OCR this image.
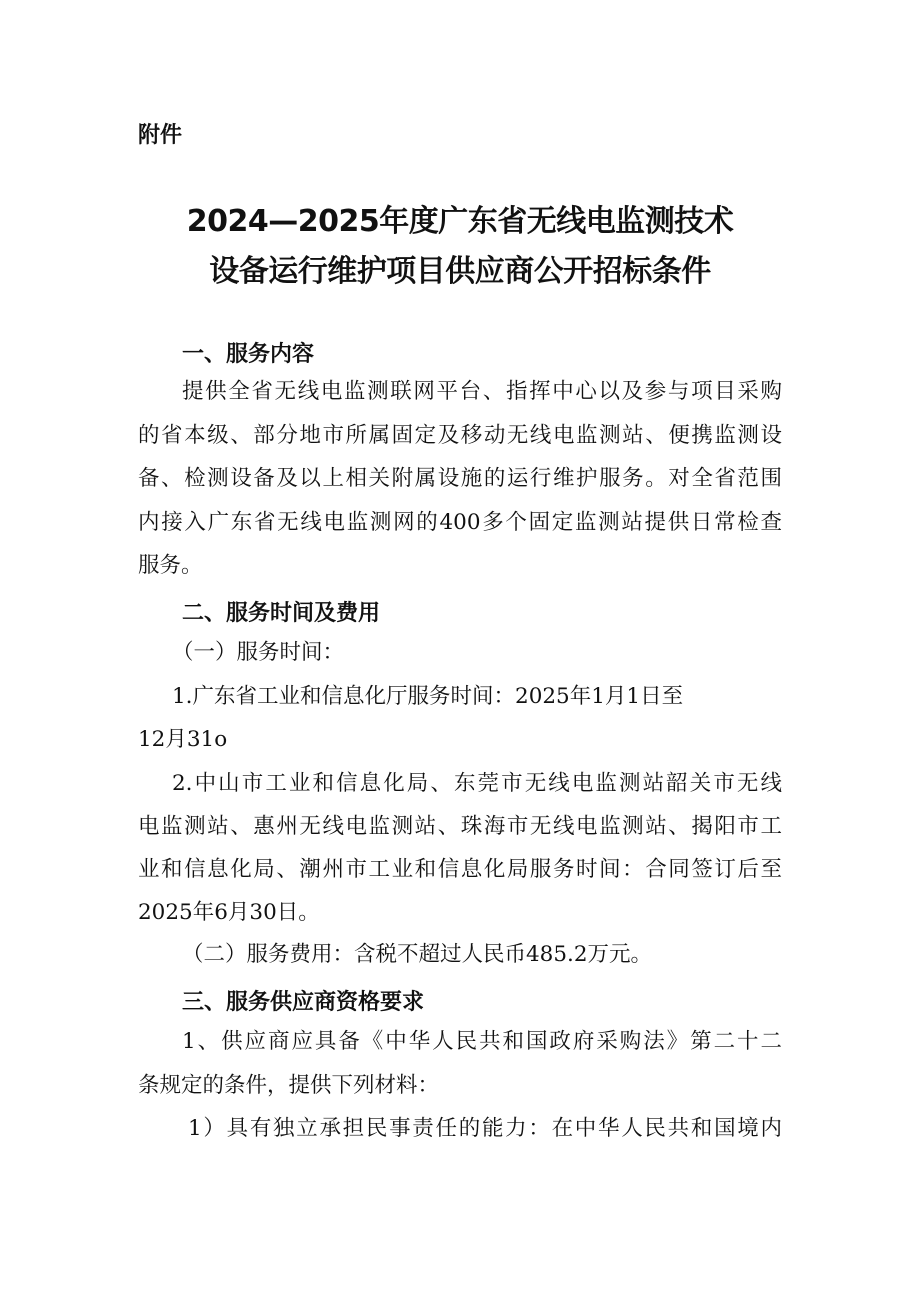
附件
2024—2025年度广东省无线电监测技术
设备运行维护项目供应商公开招标条件
一、服务内容
提供全省无线电监测联网平台、指挥中心以及参与项目采购
的省本级、部分地市所属固定及移动无线电监测站、便携监测设
备、检测设备及以上相关附属设施的运行维护服务。对全省范围
内接入广东省无线电监测网的400多个固定监测站提供日常检查
服务。
二、服务时间及费用
（一）服务时间：
1.广东省工业和信息化厅服务时间：2025年1月1日至
12月31o
2.中山市工业和信息化局、东莞市无线电监测站韶关市无线
电监测站、惠州无线电监测站、珠海市无线电监测站、揭阳市工
业和信息化局、潮州市工业和信息化局服务时间：合同签订后至
2025年6月30日。
（二）服务费用：含税不超过人民币485.2万元。
三、服务供应商资格要求
1、供应商应具备《中华人民共和国政府采购法》第二十二
条规定的条件，提供下列材料：
1）具有独立承担民事责任的能力：在中华人民共和国境内
